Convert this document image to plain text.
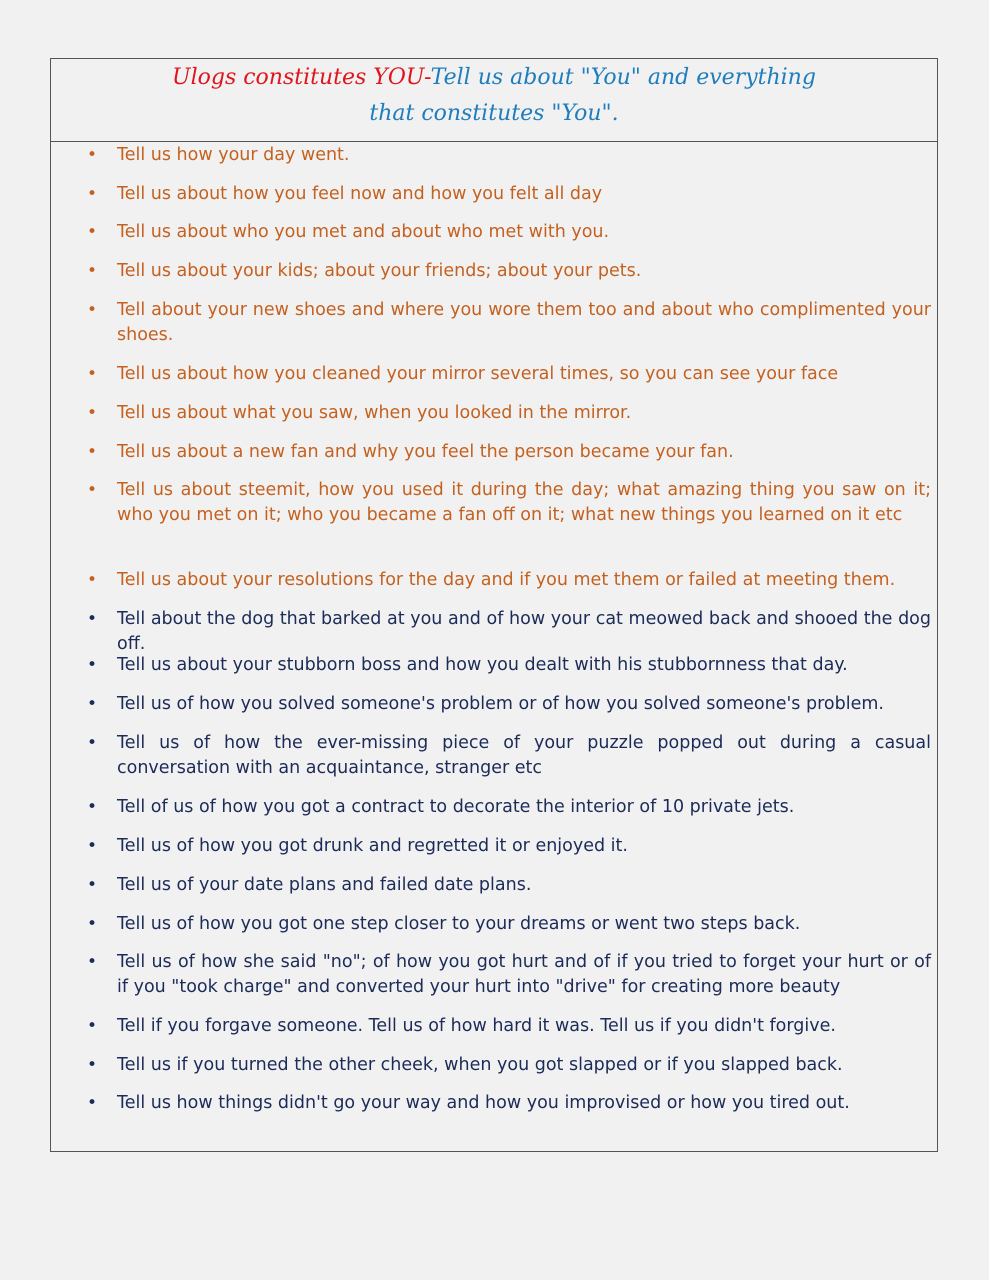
Ulogs constitutes YOU-Tell us about "You" and everything
that constitutes "You".
• Tell us how your day went.
• Tell us about how you feel now and how you felt all day
• Tell us about who you met and about who met with you.
• Tell us about your kids; about your friends; about your pets.
• Tell about your new shoes and where you wore them too and about who complimented your shoes.
• Tell us about how you cleaned your mirror several times, so you can see your face
• Tell us about what you saw, when you looked in the mirror.
• Tell us about a new fan and why you feel the person became your fan.
• Tell us about steemit, how you used it during the day; what amazing thing you saw on it; who you met on it; who you became a fan off on it; what new things you learned on it etc
• Tell us about your resolutions for the day and if you met them or failed at meeting them.
• Tell about the dog that barked at you and of how your cat meowed back and shooed the dog off.
• Tell us about your stubborn boss and how you dealt with his stubbornness that day.
• Tell us of how you solved someone's problem or of how you solved someone's problem.
• Tell us of how the ever-missing piece of your puzzle popped out during a casual conversation with an acquaintance, stranger etc
• Tell of us of how you got a contract to decorate the interior of 10 private jets.
• Tell us of how you got drunk and regretted it or enjoyed it.
• Tell us of your date plans and failed date plans.
• Tell us of how you got one step closer to your dreams or went two steps back.
• Tell us of how she said "no"; of how you got hurt and of if you tried to forget your hurt or of if you "took charge" and converted your hurt into "drive" for creating more beauty
• Tell if you forgave someone. Tell us of how hard it was. Tell us if you didn't forgive.
• Tell us if you turned the other cheek, when you got slapped or if you slapped back.
• Tell us how things didn't go your way and how you improvised or how you tired out.
